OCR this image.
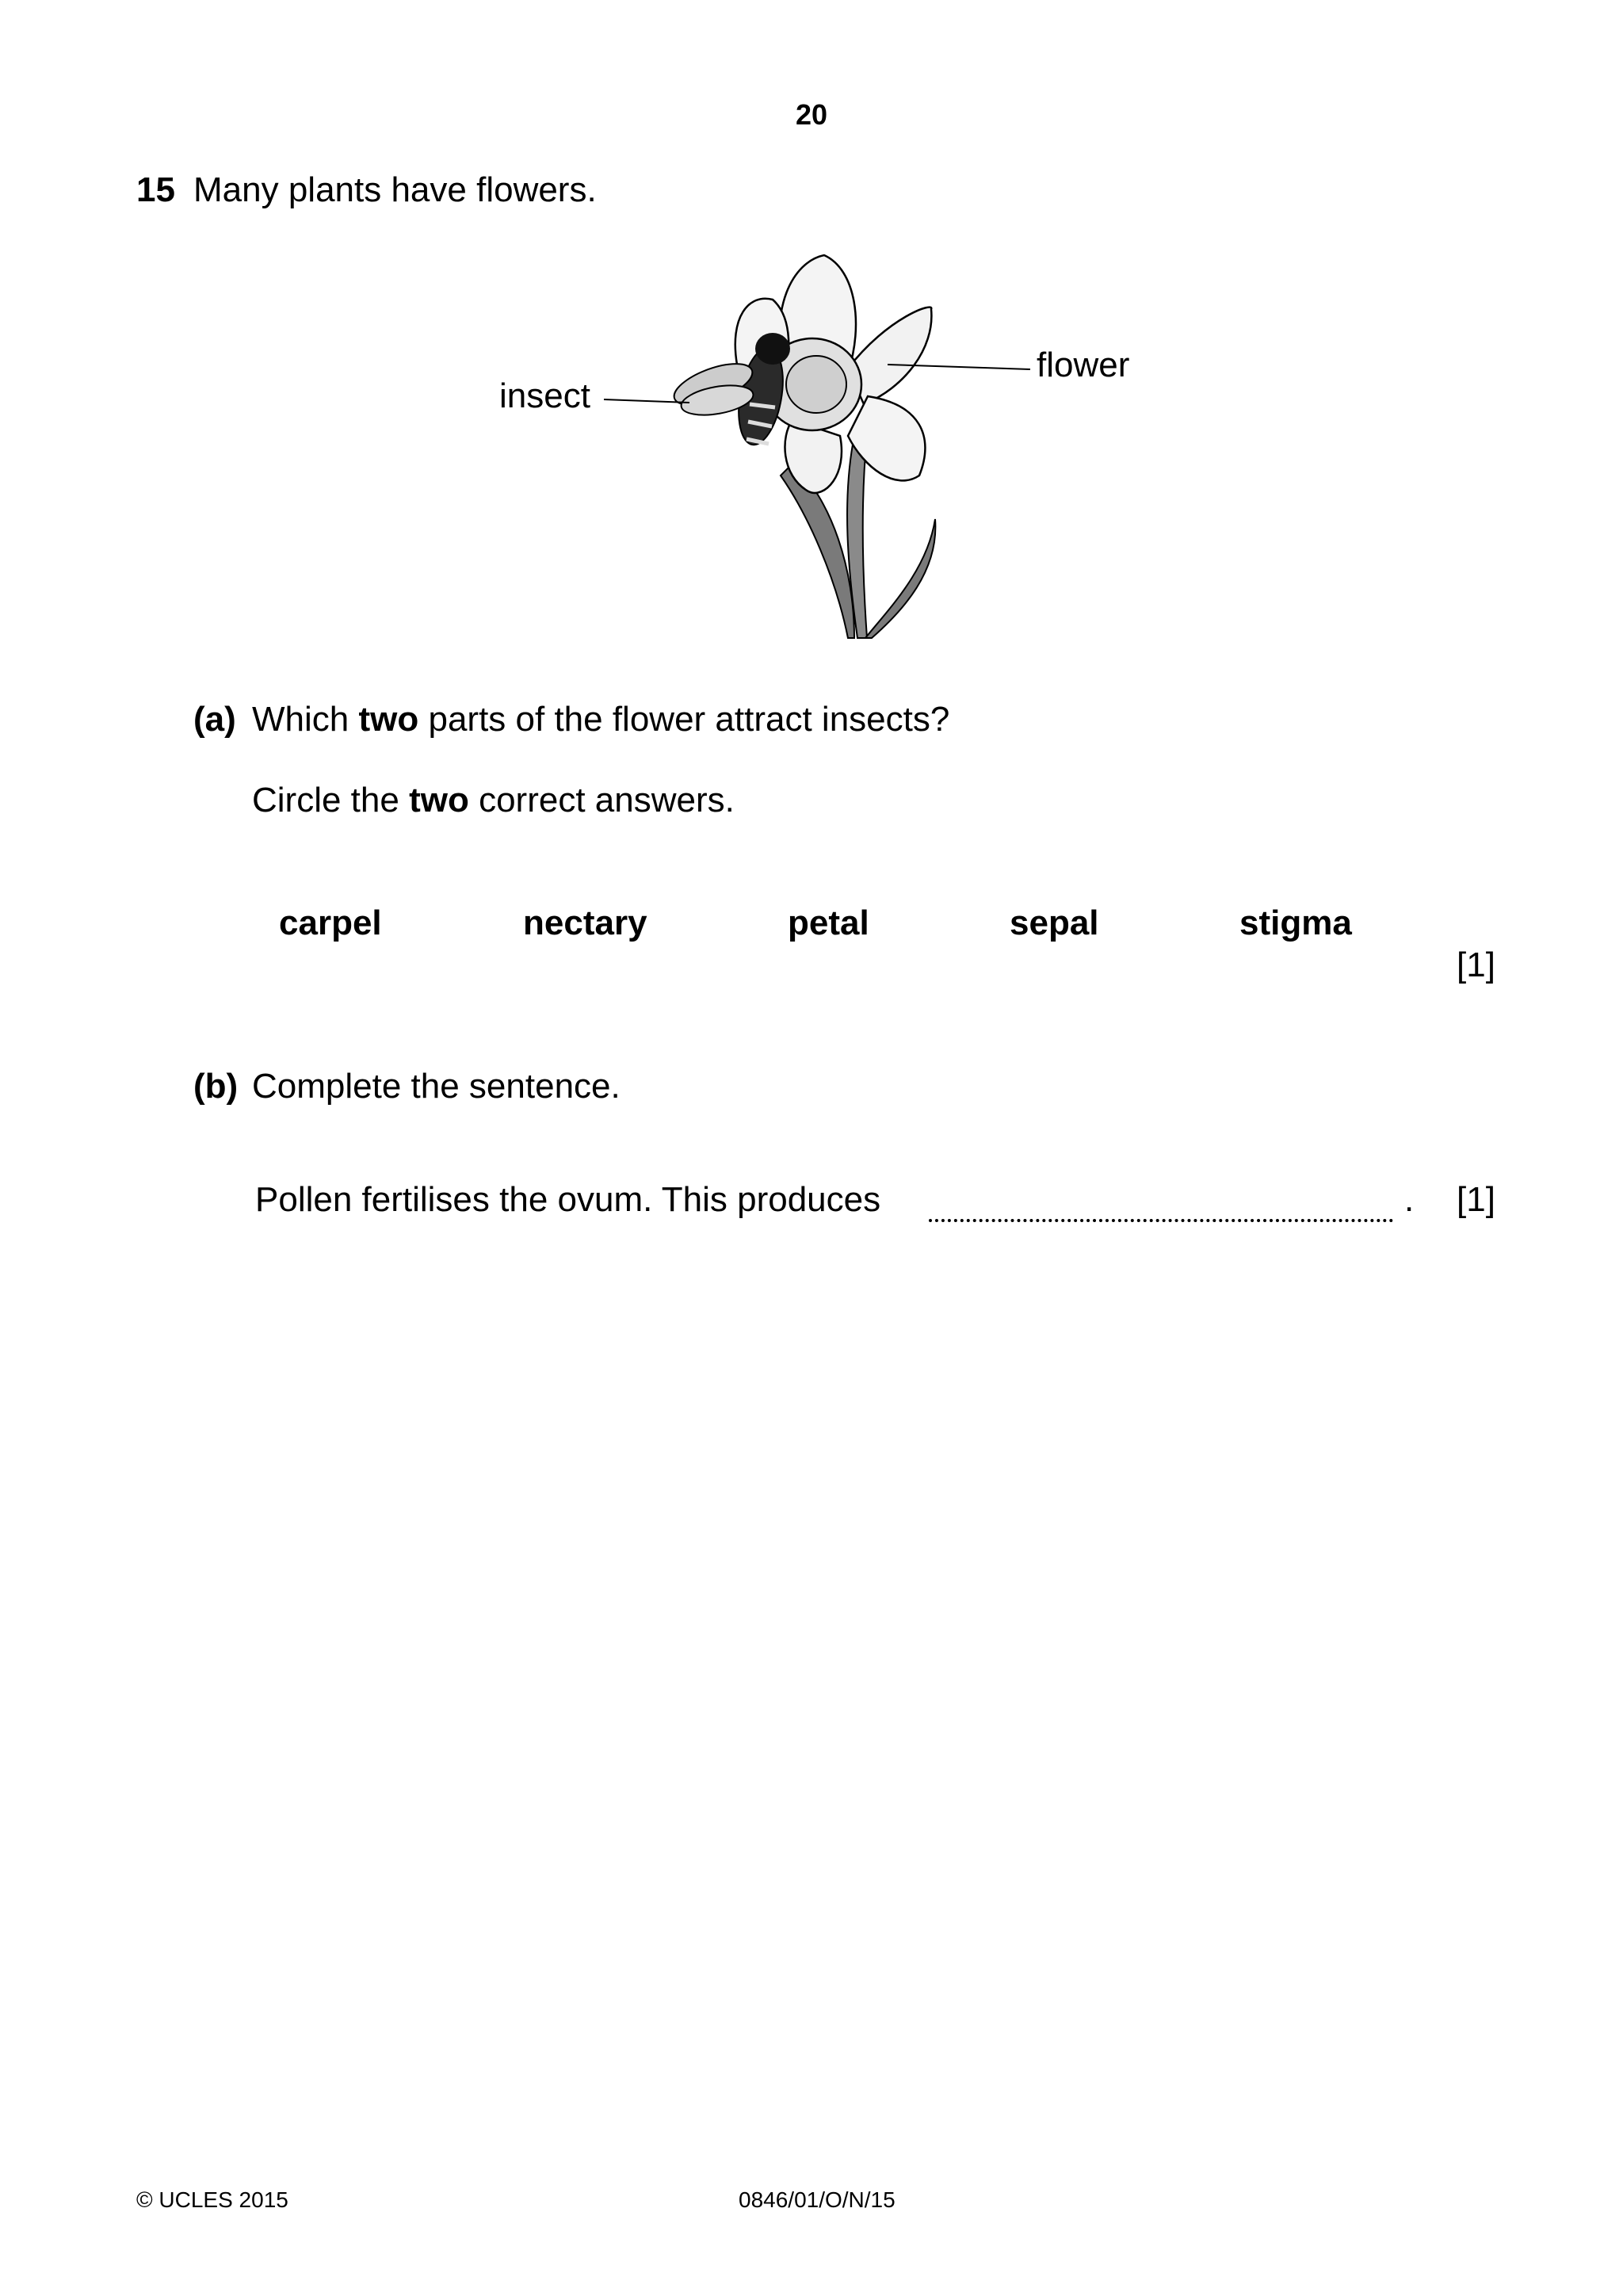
20
15 Many plants have flowers.
insect
flower
(a) Which two parts of the flower attract insects?
Circle the two correct answers.
carpel	nectary	petal	sepal	stigma
[1]
(b) Complete the sentence.
Pollen fertilises the ovum. This produces	. [1]
© UCLES 2015	0846/01/O/N/15
